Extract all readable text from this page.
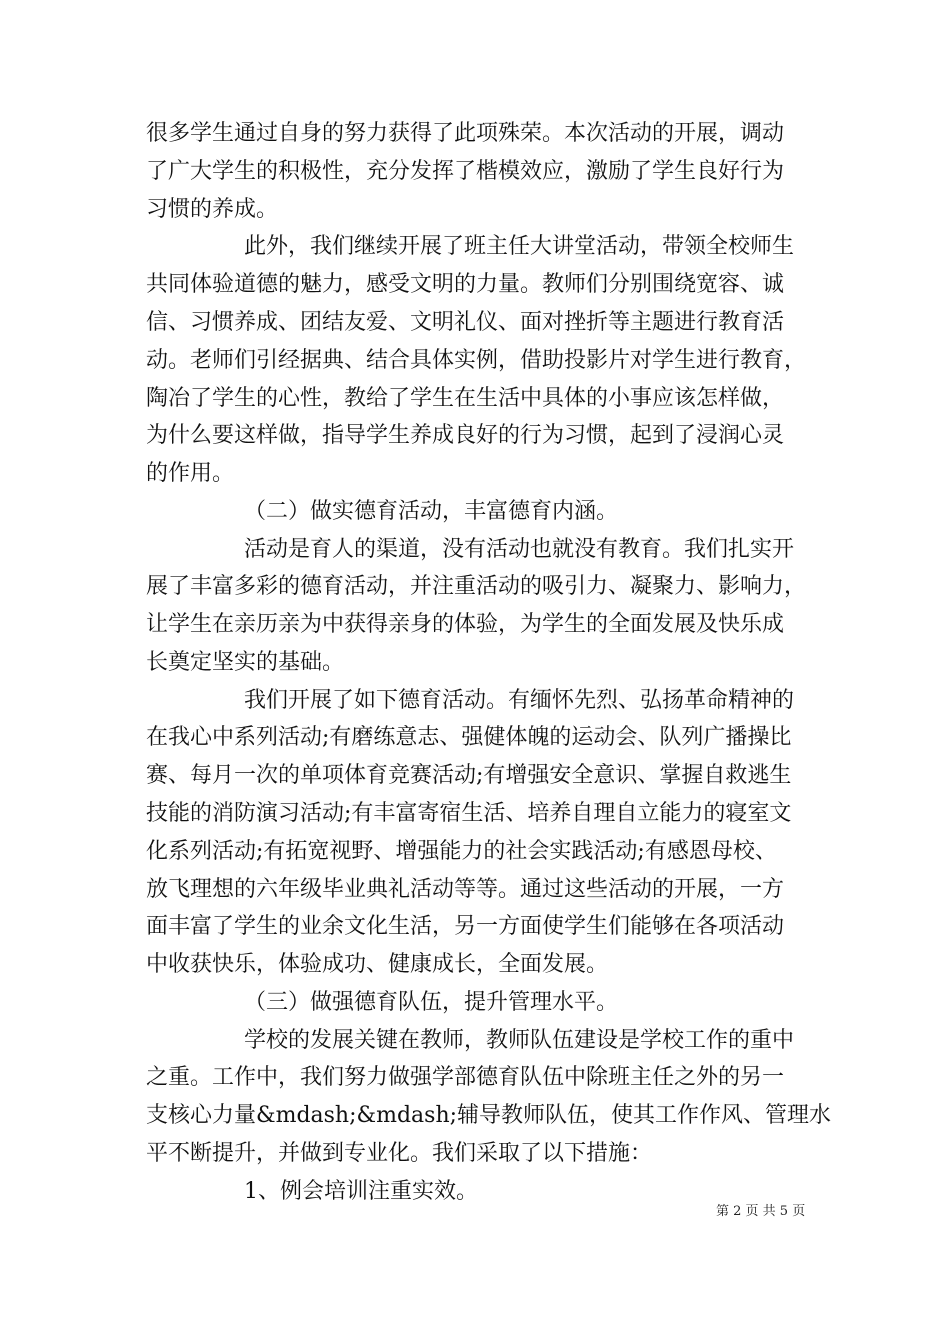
很多学生通过自身的努力获得了此项殊荣。本次活动的开展，调动
了广大学生的积极性，充分发挥了楷模效应，激励了学生良好行为
习惯的养成。
此外，我们继续开展了班主任大讲堂活动，带领全校师生
共同体验道德的魅力，感受文明的力量。教师们分别围绕宽容、诚
信、习惯养成、团结友爱、文明礼仪、面对挫折等主题进行教育活
动。老师们引经据典、结合具体实例，借助投影片对学生进行教育，
陶冶了学生的心性，教给了学生在生活中具体的小事应该怎样做，
为什么要这样做，指导学生养成良好的行为习惯，起到了浸润心灵
的作用。
（二）做实德育活动，丰富德育内涵。
活动是育人的渠道，没有活动也就没有教育。我们扎实开
展了丰富多彩的德育活动，并注重活动的吸引力、凝聚力、影响力，
让学生在亲历亲为中获得亲身的体验，为学生的全面发展及快乐成
长奠定坚实的基础。
我们开展了如下德育活动。有缅怀先烈、弘扬革命精神的
在我心中系列活动;有磨练意志、强健体魄的运动会、队列广播操比
赛、每月一次的单项体育竞赛活动;有增强安全意识、掌握自救逃生
技能的消防演习活动;有丰富寄宿生活、培养自理自立能力的寝室文
化系列活动;有拓宽视野、增强能力的社会实践活动;有感恩母校、
放飞理想的六年级毕业典礼活动等等。通过这些活动的开展，一方
面丰富了学生的业余文化生活，另一方面使学生们能够在各项活动
中收获快乐，体验成功、健康成长，全面发展。
（三）做强德育队伍，提升管理水平。
学校的发展关键在教师，教师队伍建设是学校工作的重中
之重。工作中，我们努力做强学部德育队伍中除班主任之外的另一
支核心力量&mdash;&mdash;辅导教师队伍，使其工作作风、管理水
平不断提升，并做到专业化。我们采取了以下措施：
1、例会培训注重实效。
第 2 页 共 5 页
